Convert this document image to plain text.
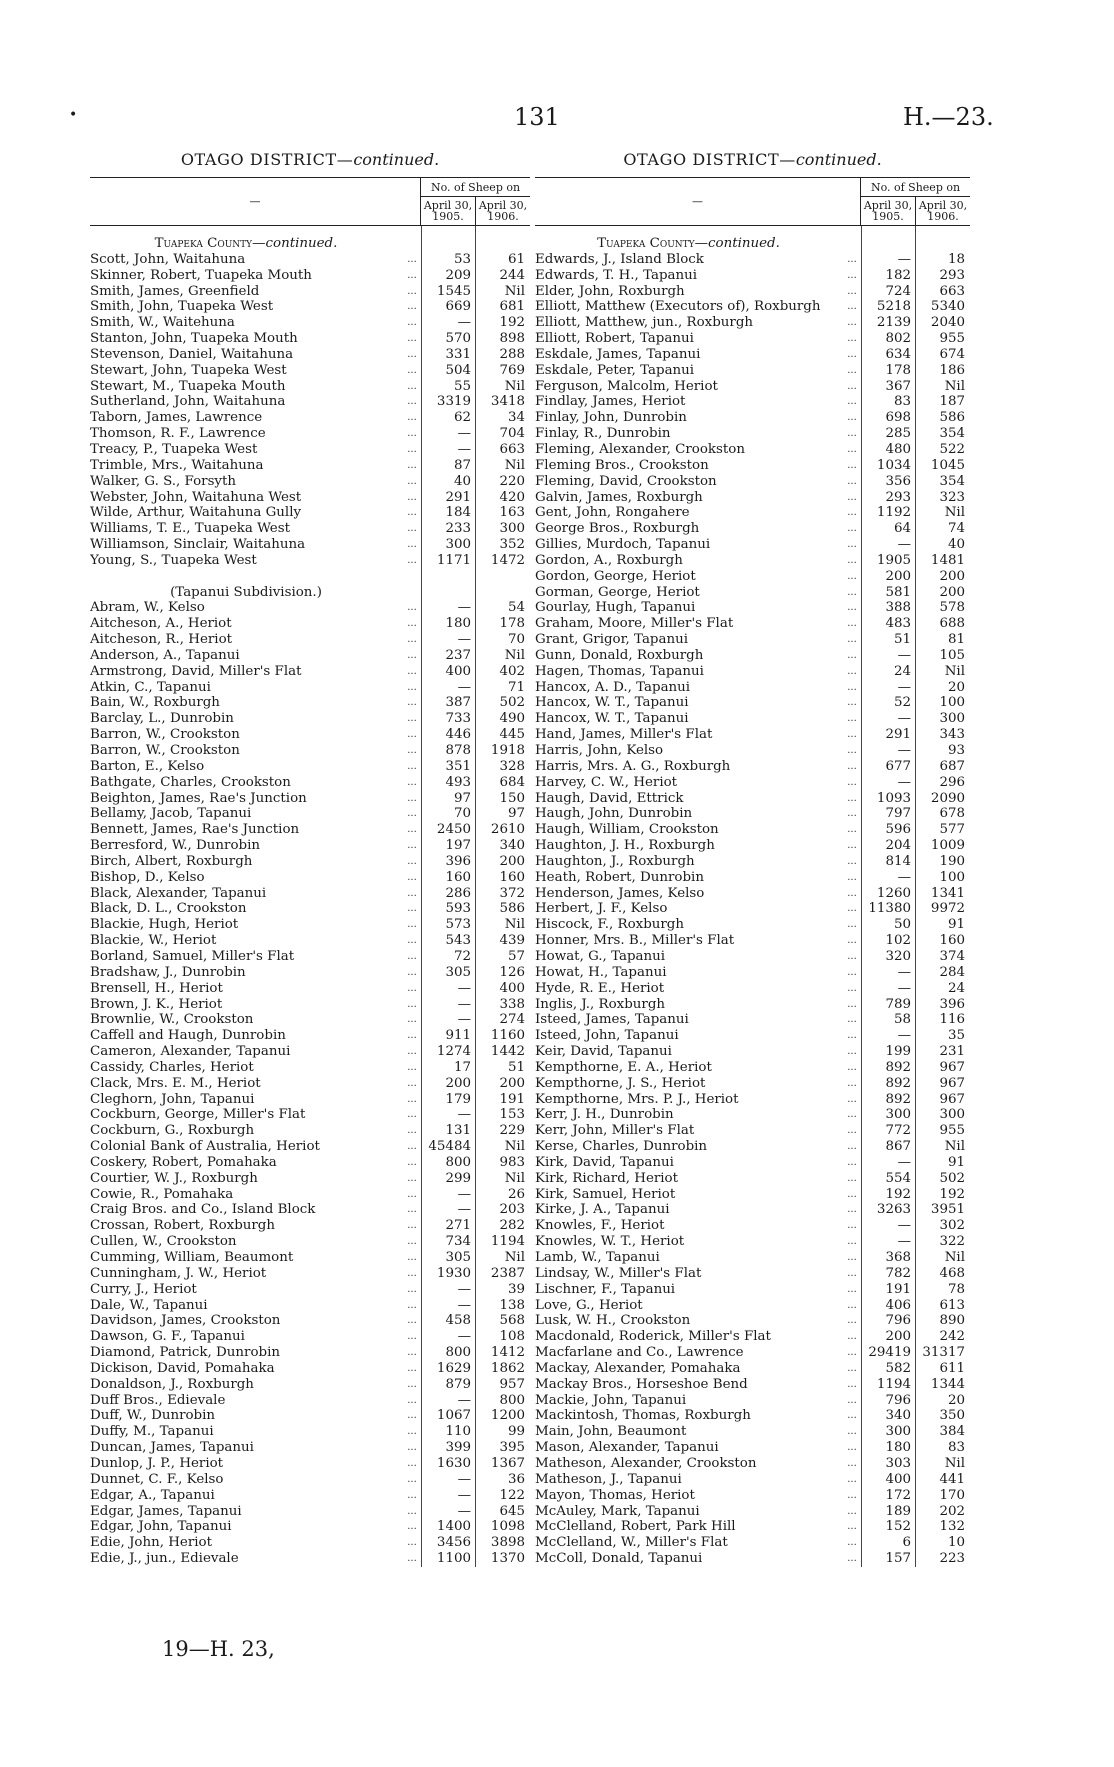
•	131	H.—23.
OTAGO DISTRICT—continued.
—	No. of Sheep on	
	April 30, 1905.	April 30, 1906.
Tuapeka County—continued.
Scott, John, Waitahuna	...	53	61
Skinner, Robert, Tuapeka Mouth	...	209	244
Smith, James, Greenfield	...	1545	Nil
Smith, John, Tuapeka West	...	669	681
Smith, W., Waitehuna	...	—	192
Stanton, John, Tuapeka Mouth	...	570	898
Stevenson, Daniel, Waitahuna	...	331	288
Stewart, John, Tuapeka West	...	504	769
Stewart, M., Tuapeka Mouth	...	55	Nil
Sutherland, John, Waitahuna	...	3319	3418
Taborn, James, Lawrence	...	62	34
Thomson, R. F., Lawrence	...	—	704
Treacy, P., Tuapeka West	...	—	663
Trimble, Mrs., Waitahuna	...	87	Nil
Walker, G. S., Forsyth	...	40	220
Webster, John, Waitahuna West	...	291	420
Wilde, Arthur, Waitahuna Gully	...	184	163
Williams, T. E., Tuapeka West	...	233	300
Williamson, Sinclair, Waitahuna	...	300	352
Young, S., Tuapeka West	...	1171	1472
(Tapanui Subdivision.)
Abram, W., Kelso	...	—	54
Aitcheson, A., Heriot	...	180	178
Aitcheson, R., Heriot	...	—	70
Anderson, A., Tapanui	...	237	Nil
Armstrong, David, Miller's Flat	...	400	402
Atkin, C., Tapanui	...	—	71
Bain, W., Roxburgh	...	387	502
Barclay, L., Dunrobin	...	733	490
Barron, W., Crookston	...	446	445
Barron, W., Crookston	...	878	1918
Barton, E., Kelso	...	351	328
Bathgate, Charles, Crookston	...	493	684
Beighton, James, Rae's Junction	...	97	150
Bellamy, Jacob, Tapanui	...	70	97
Bennett, James, Rae's Junction	...	2450	2610
Berresford, W., Dunrobin	...	197	340
Birch, Albert, Roxburgh	...	396	200
Bishop, D., Kelso	...	160	160
Black, Alexander, Tapanui	...	286	372
Black, D. L., Crookston	...	593	586
Blackie, Hugh, Heriot	...	573	Nil
Blackie, W., Heriot	...	543	439
Borland, Samuel, Miller's Flat	...	72	57
Bradshaw, J., Dunrobin	...	305	126
Brensell, H., Heriot	...	—	400
Brown, J. K., Heriot	...	—	338
Brownlie, W., Crookston	...	—	274
Caffell and Haugh, Dunrobin	...	911	1160
Cameron, Alexander, Tapanui	...	1274	1442
Cassidy, Charles, Heriot	...	17	51
Clack, Mrs. E. M., Heriot	...	200	200
Cleghorn, John, Tapanui	...	179	191
Cockburn, George, Miller's Flat	...	—	153
Cockburn, G., Roxburgh	...	131	229
Colonial Bank of Australia, Heriot	... 45484	Nil
Coskery, Robert, Pomahaka	...	800	983
Courtier, W. J., Roxburgh	...	299	Nil
Cowie, R., Pomahaka	...	—	26
Craig Bros. and Co., Island Block	...	—	203
Crossan, Robert, Roxburgh	...	271	282
Cullen, W., Crookston	...	734	1194
Cumming, William, Beaumont	...	305	Nil
Cunningham, J. W., Heriot	...	1930	2387
Curry, J., Heriot	...	—	39
Dale, W., Tapanui	...	—	138
Davidson, James, Crookston	...	458	568
Dawson, G. F., Tapanui	...	—	108
Diamond, Patrick, Dunrobin	...	800	1412
Dickison, David, Pomahaka	...	1629	1862
Donaldson, J., Roxburgh	...	879	957
Duff Bros., Edievale	...	—	800
Duff, W., Dunrobin	...	1067	1200
Duffy, M., Tapanui	...	110	99
Duncan, James, Tapanui	...	399	395
Dunlop, J. P., Heriot	...	1630	1367
Dunnet, C. F., Kelso	...	—	36
Edgar, A., Tapanui	...	—	122
Edgar, James, Tapanui	...	—	645
Edgar, John, Tapanui	...	1400	1098
Edie, John, Heriot	...	3456	3898
Edie, J., jun., Edievale	...	1100	1370
OTAGO DISTRICT—continued.
—	No. of Sheep on	
	April 30, 1905.	April 30, 1906.
Tuapeka County—continued.
Edwards, J., Island Block	...	—	18
Edwards, T. H., Tapanui	...	182	293
Elder, John, Roxburgh	...	724	663
Elliott, Matthew (Executors of), Roxburgh	...	5218	5340
Elliott, Matthew, jun., Roxburgh	...	2139	2040
Elliott, Robert, Tapanui	...	802	955
Eskdale, James, Tapanui	...	634	674
Eskdale, Peter, Tapanui	...	178	186
Ferguson, Malcolm, Heriot	...	367	Nil
Findlay, James, Heriot	...	83	187
Finlay, John, Dunrobin	...	698	586
Finlay, R., Dunrobin	...	285	354
Fleming, Alexander, Crookston	...	480	522
Fleming Bros., Crookston	...	1034	1045
Fleming, David, Crookston	...	356	354
Galvin, James, Roxburgh	...	293	323
Gent, John, Rongahere	...	1192	Nil
George Bros., Roxburgh	...	64	74
Gillies, Murdoch, Tapanui	...	—	40
Gordon, A., Roxburgh	...	1905	1481
Gordon, George, Heriot	...	200	200
Gorman, George, Heriot	...	581	200
Gourlay, Hugh, Tapanui	...	388	578
Graham, Moore, Miller's Flat	...	483	688
Grant, Grigor, Tapanui	...	51	81
Gunn, Donald, Roxburgh	...	—	105
Hagen, Thomas, Tapanui	...	24	Nil
Hancox, A. D., Tapanui	...	—	20
Hancox, W. T., Tapanui	...	52	100
Hancox, W. T., Tapanui	...	—	300
Hand, James, Miller's Flat	...	291	343
Harris, John, Kelso	...	—	93
Harris, Mrs. A. G., Roxburgh	...	677	687
Harvey, C. W., Heriot	...	—	296
Haugh, David, Ettrick	...	1093	2090
Haugh, John, Dunrobin	...	797	678
Haugh, William, Crookston	...	596	577
Haughton, J. H., Roxburgh	...	204	1009
Haughton, J., Roxburgh	...	814	190
Heath, Robert, Dunrobin	...	—	100
Henderson, James, Kelso	...	1260	1341
Herbert, J. F., Kelso	... 11380	9972
Hiscock, F., Roxburgh	...	50	91
Honner, Mrs. B., Miller's Flat	...	102	160
Howat, G., Tapanui	...	320	374
Howat, H., Tapanui	...	—	284
Hyde, R. E., Heriot	...	—	24
Inglis, J., Roxburgh	...	789	396
Isteed, James, Tapanui	...	58	116
Isteed, John, Tapanui	...	—	35
Keir, David, Tapanui	...	199	231
Kempthorne, E. A., Heriot	...	892	967
Kempthorne, J. S., Heriot	...	892	967
Kempthorne, Mrs. P. J., Heriot	...	892	967
Kerr, J. H., Dunrobin	...	300	300
Kerr, John, Miller's Flat	...	772	955
Kerse, Charles, Dunrobin	...	867	Nil
Kirk, David, Tapanui	...	—	91
Kirk, Richard, Heriot	...	554	502
Kirk, Samuel, Heriot	...	192	192
Kirke, J. A., Tapanui	...	3263	3951
Knowles, F., Heriot	...	—	302
Knowles, W. T., Heriot	...	—	322
Lamb, W., Tapanui	...	368	Nil
Lindsay, W., Miller's Flat	...	782	468
Lischner, F., Tapanui	...	191	78
Love, G., Heriot	...	406	613
Lusk, W. H., Crookston	...	796	890
Macdonald, Roderick, Miller's Flat	...	200	242
Macfarlane and Co., Lawrence	... 29419 31317
Mackay, Alexander, Pomahaka	...	582	611
Mackay Bros., Horseshoe Bend	...	1194	1344
Mackie, John, Tapanui	...	796	20
Mackintosh, Thomas, Roxburgh	...	340	350
Main, John, Beaumont	...	300	384
Mason, Alexander, Tapanui	...	180	83
Matheson, Alexander, Crookston	...	303	Nil
Matheson, J., Tapanui	...	400	441
Mayon, Thomas, Heriot	...	172	170
McAuley, Mark, Tapanui	...	189	202
McClelland, Robert, Park Hill	...	152	132
McClelland, W., Miller's Flat	...	6	10
McColl, Donald, Tapanui	...	157	223
19—H. 23,
